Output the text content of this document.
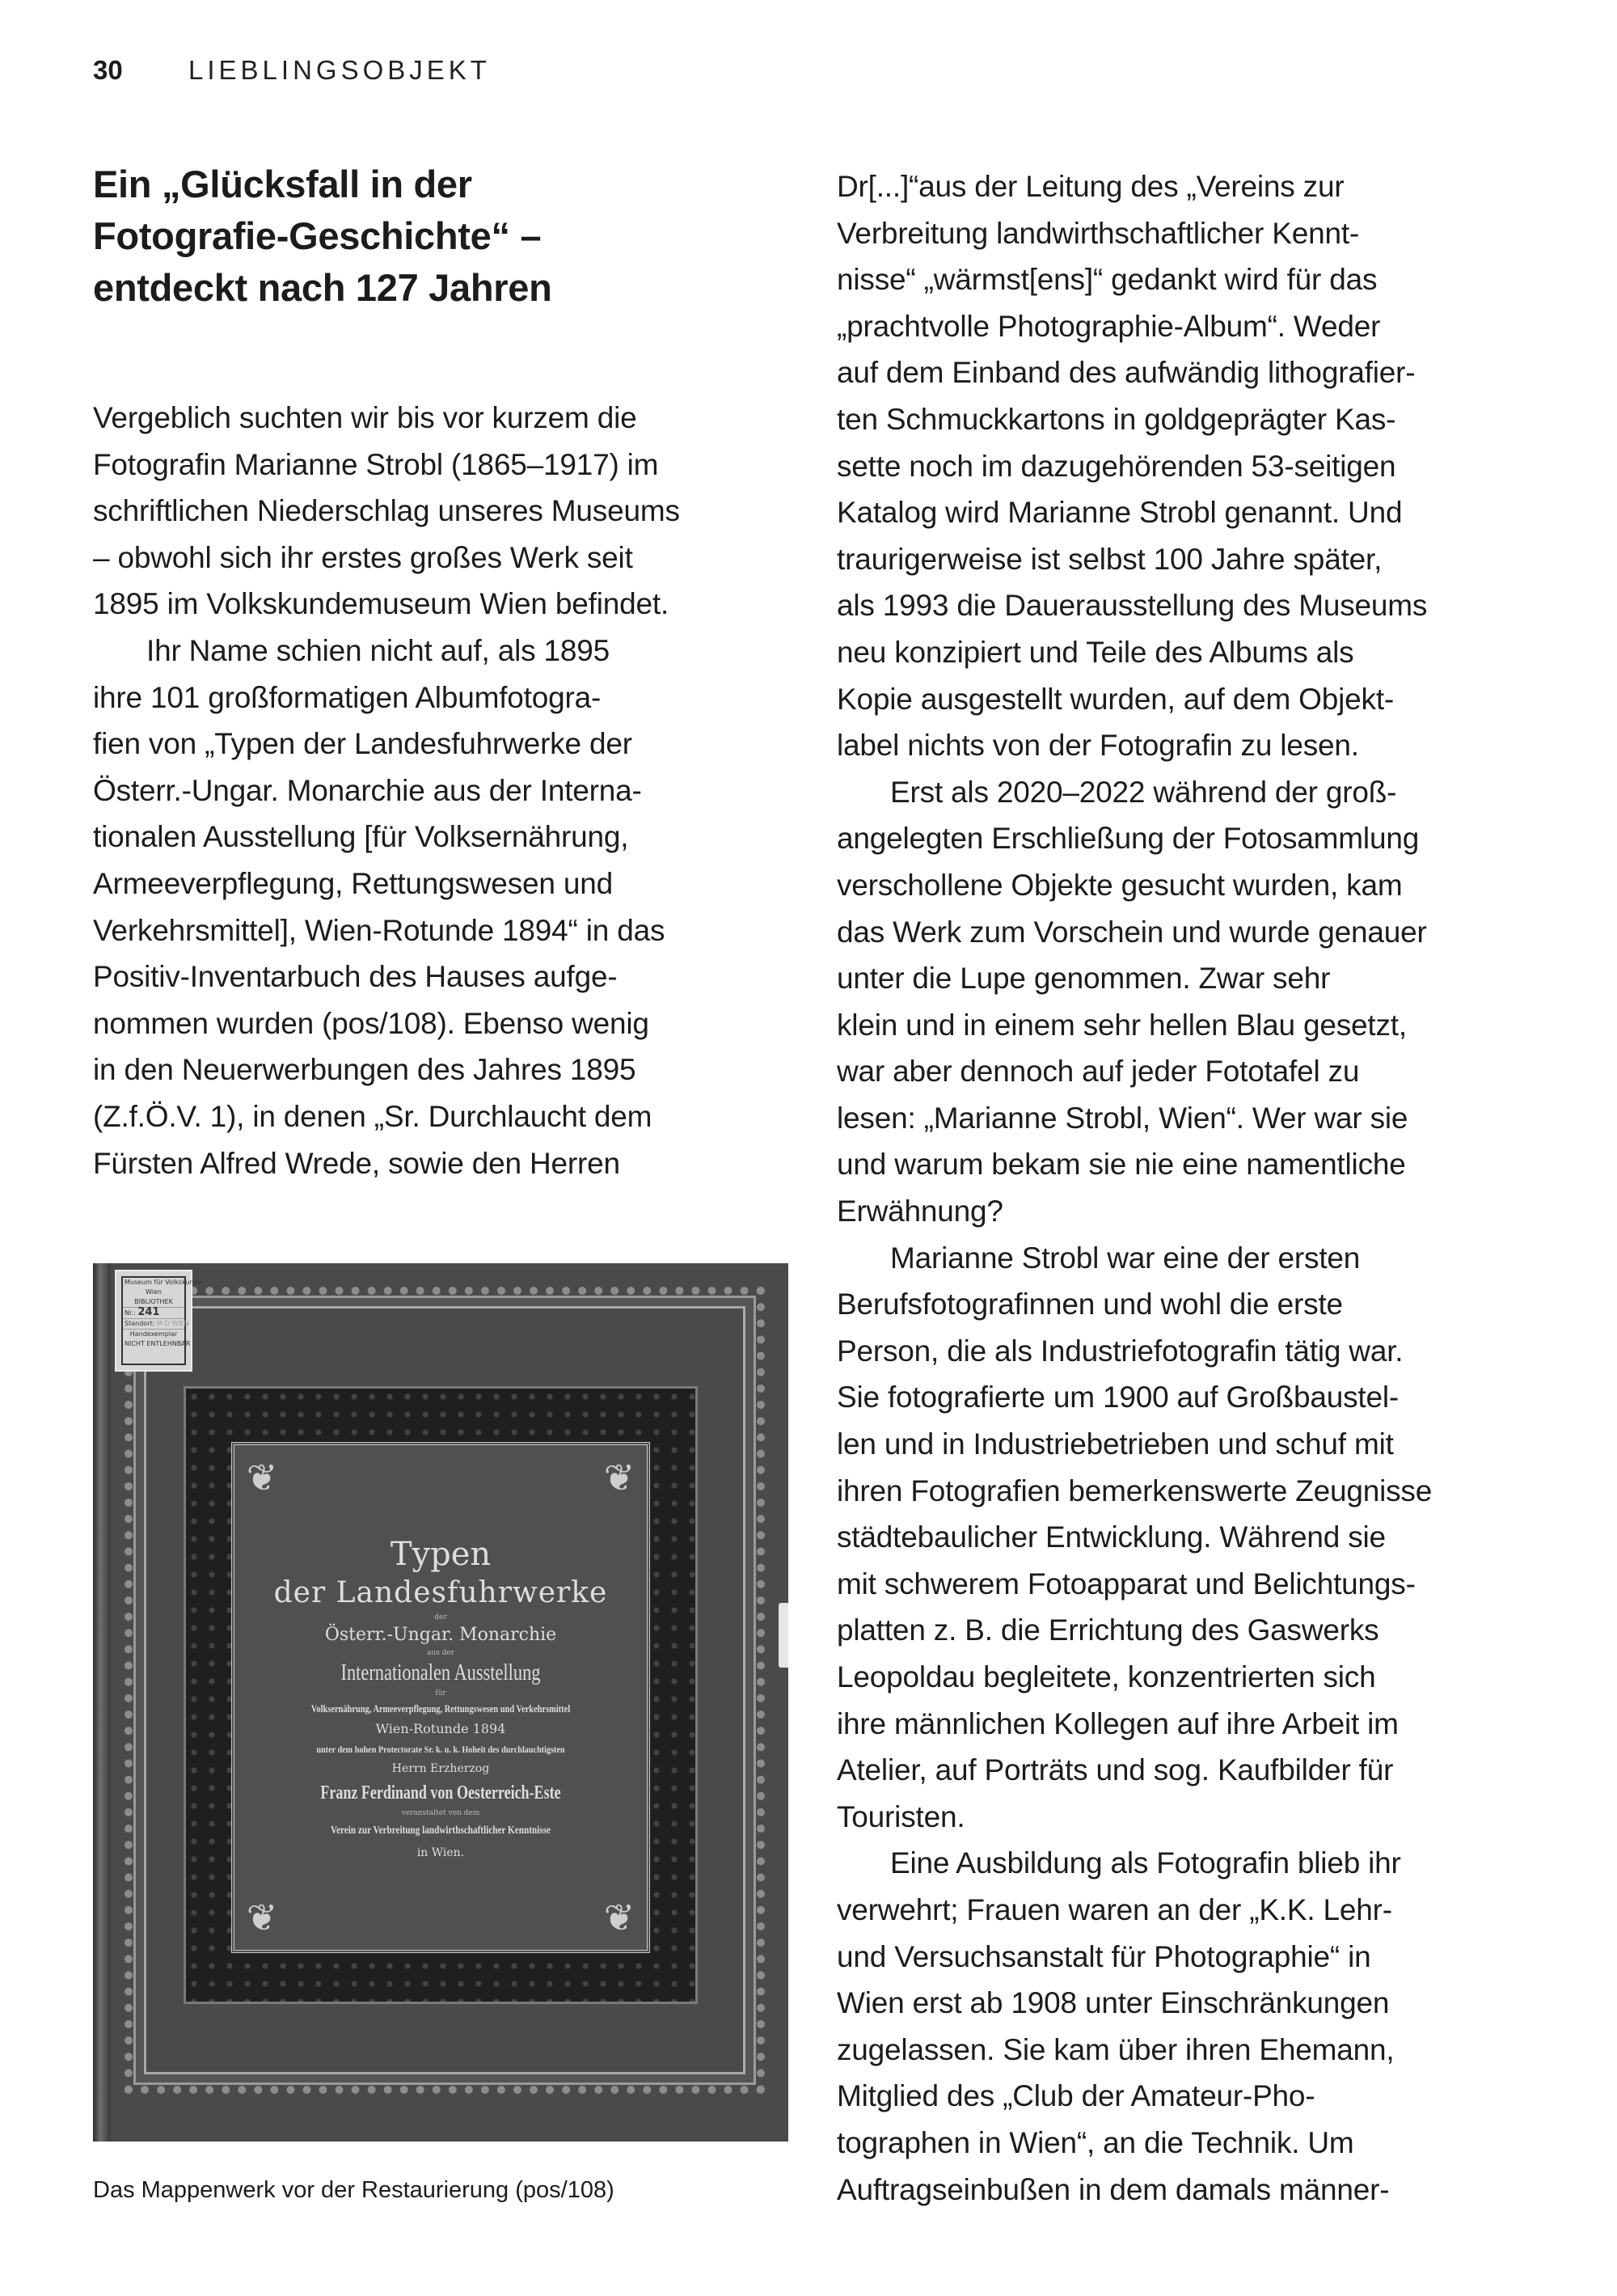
30	LIEBLINGSOBJEKT
Ein „Glücksfall in der
Fotografie-Geschichte“ –
entdeckt nach 127 Jahren
Vergeblich suchten wir bis vor kurzem die
Fotografin Marianne Strobl (1865–1917) im
schriftlichen Niederschlag unseres Museums
– obwohl sich ihr erstes großes Werk seit
1895 im Volkskundemuseum Wien befindet.
Ihr Name schien nicht auf, als 1895
ihre 101 großformatigen Albumfotogra-
fien von „Typen der Landesfuhrwerke der
Österr.-Ungar. Monarchie aus der Interna-
tionalen Ausstellung [für Volksernährung,
Armeeverpflegung, Rettungswesen und
Verkehrsmittel], Wien-Rotunde 1894“ in das
Positiv-Inventarbuch des Hauses aufge-
nommen wurden (pos/108). Ebenso wenig
in den Neuerwerbungen des Jahres 1895
(Z.f.Ö.V. 1), in denen „Sr. Durchlaucht dem
Fürsten Alfred Wrede, sowie den Herren
❦	❦
❦	❦
Typen
der Landesfuhrwerke
der
Österr.-Ungar. Monarchie
aus der
Internationalen Ausstellung
für
Volksernährung, Armeeverpflegung, Rettungswesen und Verkehrsmittel
Wien-Rotunde 1894
unter dem hohen Protectorate Sr. k. u. k. Hoheit des durchlauchtigsten
Herrn Erzherzog
Franz Ferdinand von Oesterreich-Este
veranstaltet von dem
Verein zur Verbreitung landwirthschaftlicher Kenntnisse
in Wien.
Museum für Volkskunde
Wien
BIBLIOTHEK
Nr.: 241
Standort: M-D WIEN
Handexemplar
NICHT ENTLEHNBAR
Das Mappenwerk vor der Restaurierung (pos/108)
Dr[...]“aus der Leitung des „Vereins zur
Verbreitung landwirthschaftlicher Kennt-
nisse“ „wärmst[ens]“ gedankt wird für das
„prachtvolle Photographie-Album“. Weder
auf dem Einband des aufwändig lithografier-
ten Schmuckkartons in goldgeprägter Kas-
sette noch im dazugehörenden 53-seitigen
Katalog wird Marianne Strobl genannt. Und
traurigerweise ist selbst 100 Jahre später,
als 1993 die Dauerausstellung des Museums
neu konzipiert und Teile des Albums als
Kopie ausgestellt wurden, auf dem Objekt-
label nichts von der Fotografin zu lesen.
Erst als 2020–2022 während der groß-
angelegten Erschließung der Fotosammlung
verschollene Objekte gesucht wurden, kam
das Werk zum Vorschein und wurde genauer
unter die Lupe genommen. Zwar sehr
klein und in einem sehr hellen Blau gesetzt,
war aber dennoch auf jeder Fototafel zu
lesen: „Marianne Strobl, Wien“. Wer war sie
und warum bekam sie nie eine namentliche
Erwähnung?
Marianne Strobl war eine der ersten
Berufsfotografinnen und wohl die erste
Person, die als Industriefotografin tätig war.
Sie fotografierte um 1900 auf Großbaustel-
len und in Industriebetrieben und schuf mit
ihren Fotografien bemerkenswerte Zeugnisse
städtebaulicher Entwicklung. Während sie
mit schwerem Fotoapparat und Belichtungs-
platten z. B. die Errichtung des Gaswerks
Leopoldau begleitete, konzentrierten sich
ihre männlichen Kollegen auf ihre Arbeit im
Atelier, auf Porträts und sog. Kaufbilder für
Touristen.
Eine Ausbildung als Fotografin blieb ihr
verwehrt; Frauen waren an der „K.K. Lehr-
und Versuchsanstalt für Photographie“ in
Wien erst ab 1908 unter Einschränkungen
zugelassen. Sie kam über ihren Ehemann,
Mitglied des „Club der Amateur-Pho-
tographen in Wien“, an die Technik. Um
Auftragseinbußen in dem damals männer-
